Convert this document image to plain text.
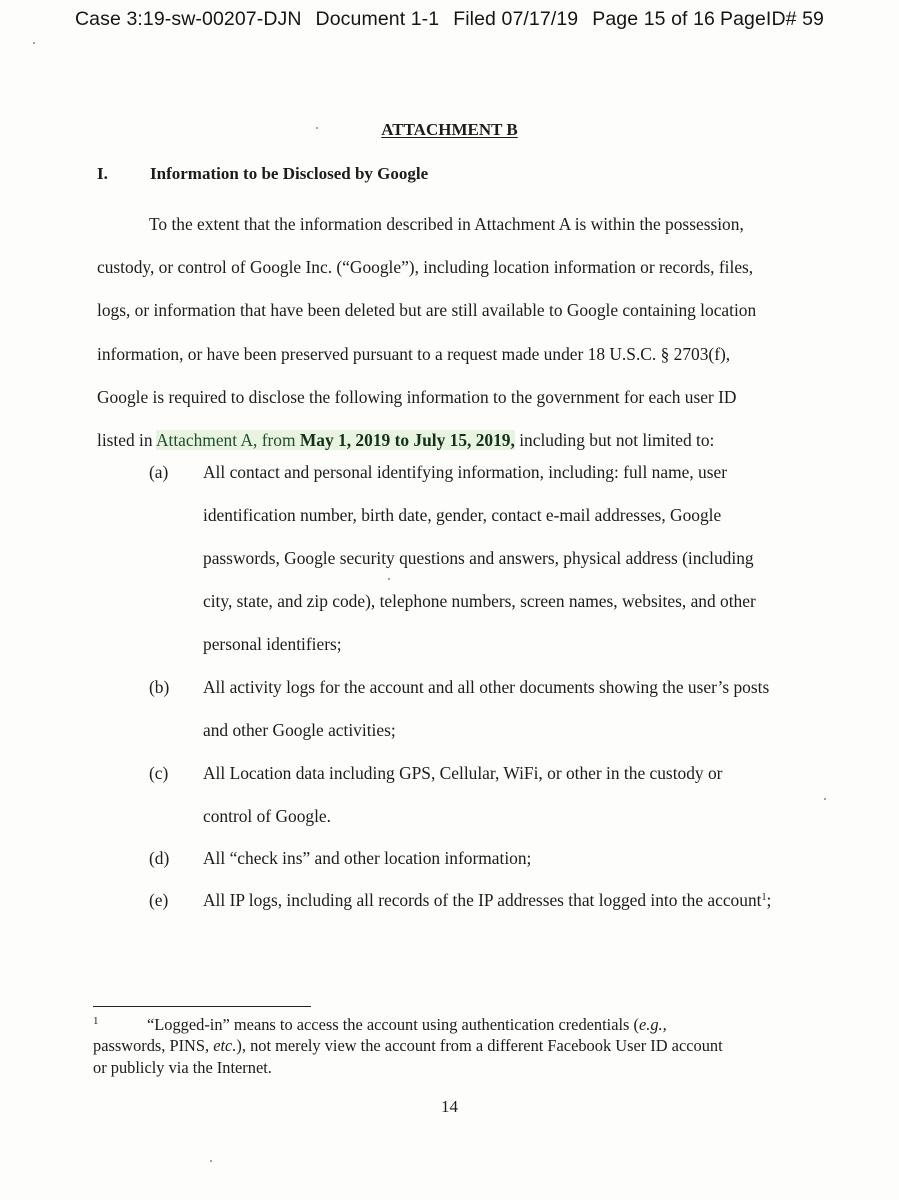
Case 3:19-sw-00207-DJN Document 1-1 Filed 07/17/19 Page 15 of 16 PageID# 59
ATTACHMENT B
I. Information to be Disclosed by Google
To the extent that the information described in Attachment A is within the possession,
custody, or control of Google Inc. (“Google”), including location information or records, files,
logs, or information that have been deleted but are still available to Google containing location
information, or have been preserved pursuant to a request made under 18 U.S.C. § 2703(f),
Google is required to disclose the following information to the government for each user ID
listed in Attachment A, from May 1, 2019 to July 15, 2019, including but not limited to:
(a)	All contact and personal identifying information, including: full name, user
identification number, birth date, gender, contact e-mail addresses, Google
passwords, Google security questions and answers, physical address (including
city, state, and zip code), telephone numbers, screen names, websites, and other
personal identifiers;
(b)	All activity logs for the account and all other documents showing the user’s posts
and other Google activities;
(c)	All Location data including GPS, Cellular, WiFi, or other in the custody or
control of Google.
(d)	All “check ins” and other location information;
(e)	All IP logs, including all records of the IP addresses that logged into the account$^1$;
1	“Logged-in” means to access the account using authentication credentials (e.g.,
passwords, PINS, etc.), not merely view the account from a different Facebook User ID account
or publicly via the Internet.
14
